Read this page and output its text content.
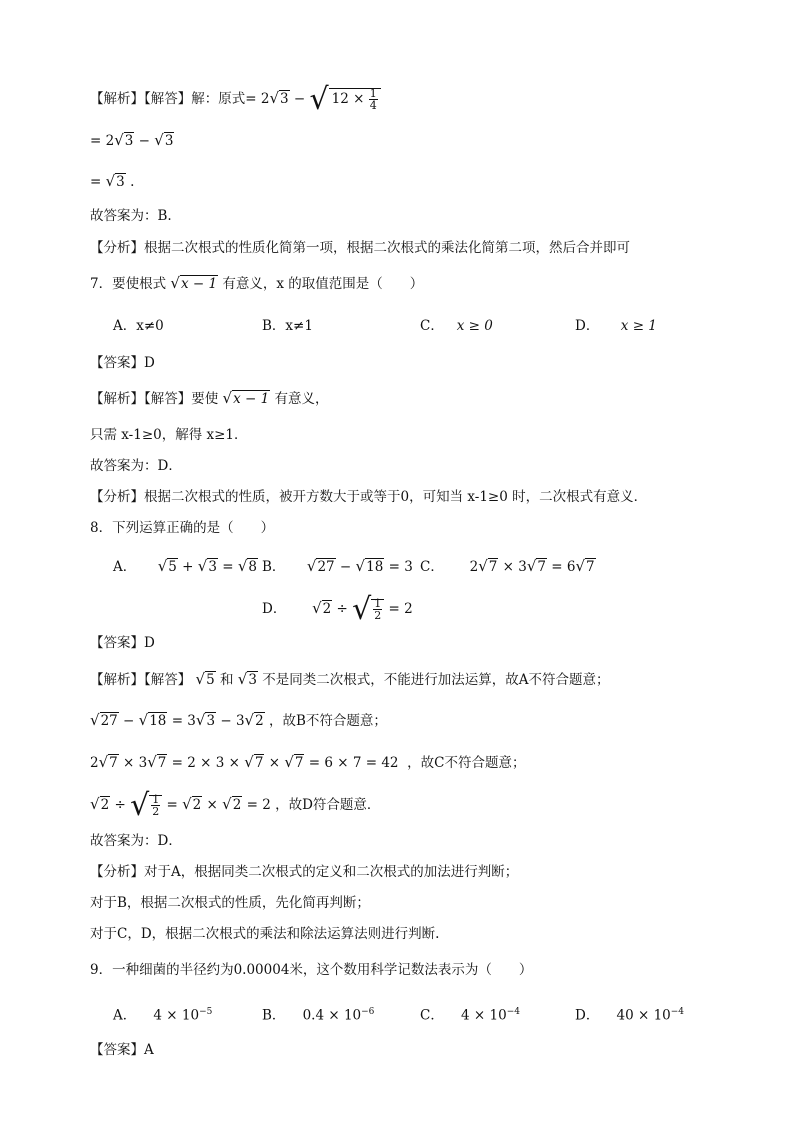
【解析】【解答】解：原式= 2√3 − √ $12 \times \frac{1}{4}$
= 2√3 − √3
= √3 .
故答案为：B.
【分析】根据二次根式的性质化简第一项，根据二次根式的乘法化简第二项，然后合并即可
7．要使根式 √x − 1 有意义，x 的取值范围是（　　）
A．x≠0	B．x≠1	C． x ≥ 0	D． x ≥ 1
【答案】D
【解析】【解答】要使 √x − 1 有意义，
只需 x-1≥0，解得 x≥1．
故答案为：D．
【分析】根据二次根式的性质，被开方数大于或等于0，可知当 x-1≥0 时，二次根式有意义．
8．下列运算正确的是（　　）
A． √5 + √3 = √8 B． √27 − √18 = 3 C． 2√7 × 3√7 = 6√7
D． √2 ÷ √ $\frac{1}{2} = 2$
【答案】D
【解析】【解答】 √5 和 √3 不是同类二次根式，不能进行加法运算，故A不符合题意；
√27 − √18 = 3√3 − 3√2 ，故B不符合题意；
2√7 × 3√7 = 2 × 3 × √7 × √7 = 6 × 7 = 42 ，故C不符合题意；
√2 ÷ √ $\frac{1}{2} = √2 \times √2 = 2$ ，故D符合题意．
故答案为：D．
【分析】对于A，根据同类二次根式的定义和二次根式的加法进行判断；
对于B，根据二次根式的性质，先化简再判断；
对于C，D，根据二次根式的乘法和除法运算法则进行判断.
9．一种细菌的半径约为0.00004米，这个数用科学记数法表示为（　　）
A． $4 \times 10^{-5}$	B． $0.4 \times 10^{-6}$	C． $4 \times 10^{-4}$	D． $40 \times 10^{-4}$
【答案】A
